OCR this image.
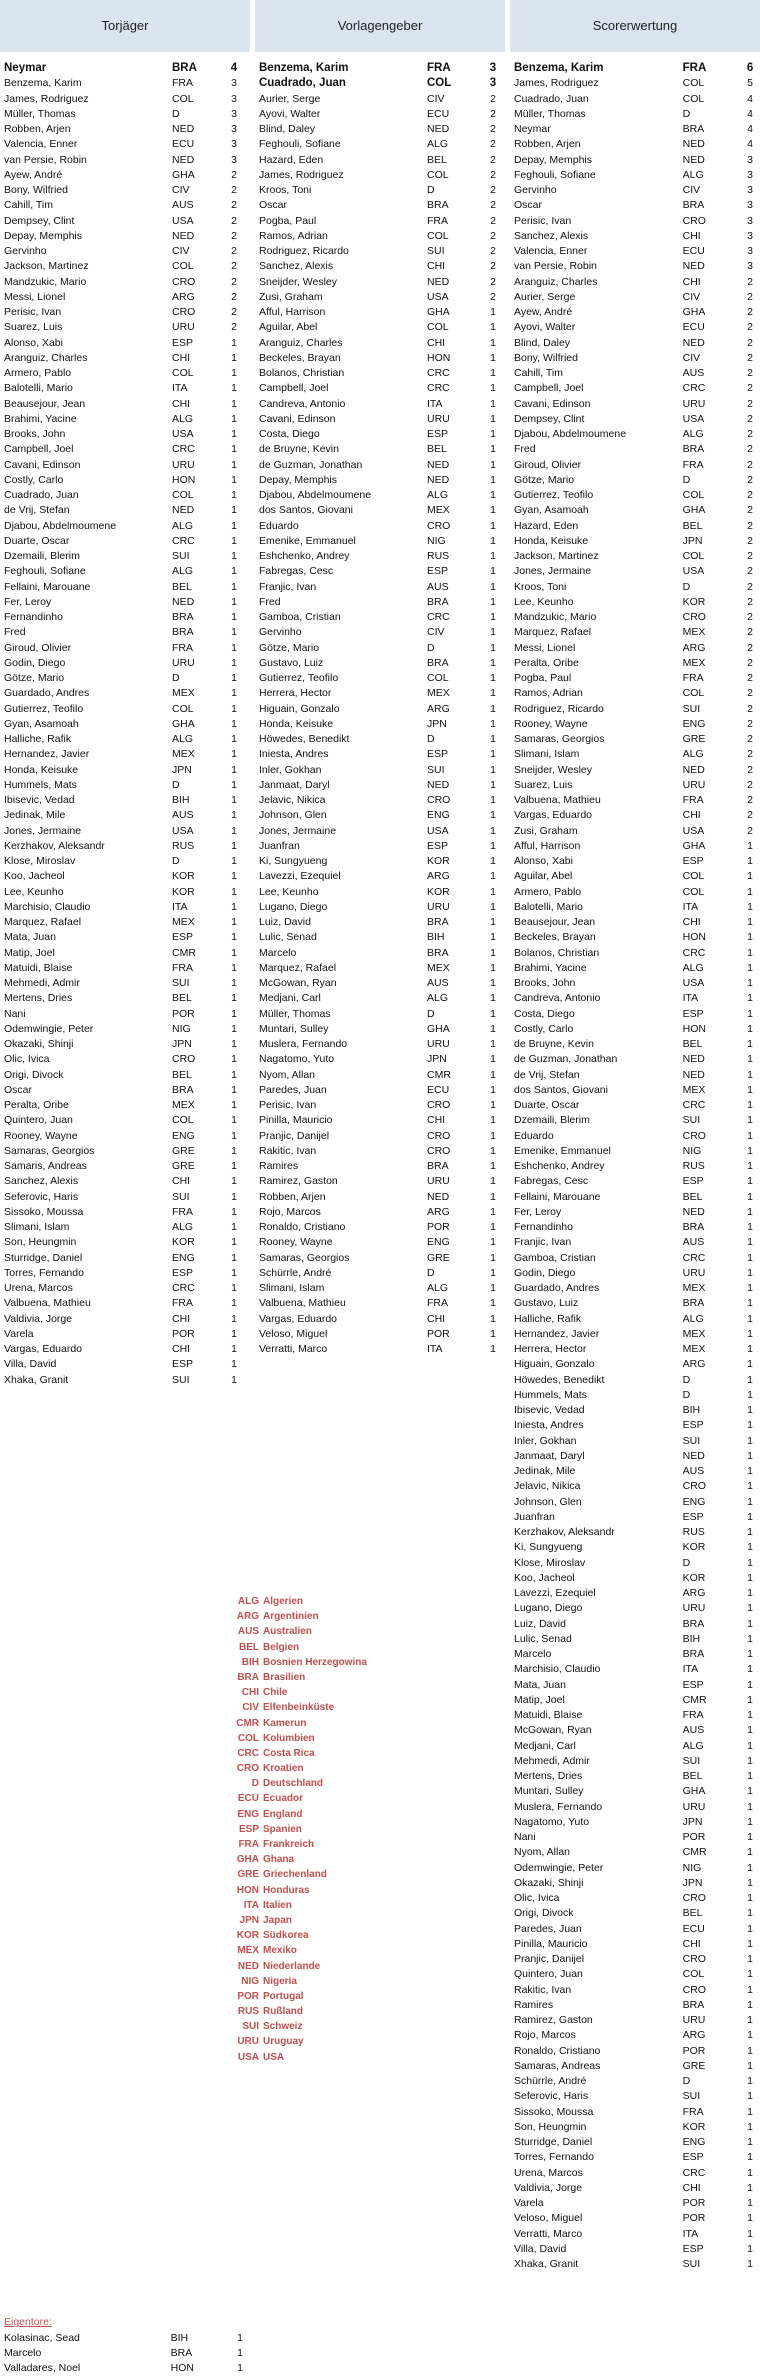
Torjäger
Neymar	BRA	4
Benzema, Karim	FRA	3
James, Rodriguez	COL	3
Müller, Thomas	D	3
Robben, Arjen	NED	3
Valencia, Enner	ECU	3
van Persie, Robin	NED	3
Ayew, André	GHA	2
Bony, Wilfried	CIV	2
Cahill, Tim	AUS	2
Dempsey, Clint	USA	2
Depay, Memphis	NED	2
Gervinho	CIV	2
Jackson, Martinez	COL	2
Mandzukic, Mario	CRO	2
Messi, Lionel	ARG	2
Perisic, Ivan	CRO	2
Suarez, Luis	URU	2
Alonso, Xabi	ESP	1
Aranguiz, Charles	CHI	1
Armero, Pablo	COL	1
Balotelli, Mario	ITA	1
Beausejour, Jean	CHI	1
Brahimi, Yacine	ALG	1
Brooks, John	USA	1
Campbell, Joel	CRC	1
Cavani, Edinson	URU	1
Costly, Carlo	HON	1
Cuadrado, Juan	COL	1
de Vrij, Stefan	NED	1
Djabou, Abdelmoumene	ALG	1
Duarte, Oscar	CRC	1
Dzemaili, Blerim	SUI	1
Feghouli, Sofiane	ALG	1
Fellaini, Marouane	BEL	1
Fer, Leroy	NED	1
Fernandinho	BRA	1
Fred	BRA	1
Giroud, Olivier	FRA	1
Godin, Diego	URU	1
Götze, Mario	D	1
Guardado, Andres	MEX	1
Gutierrez, Teofilo	COL	1
Gyan, Asamoah	GHA	1
Halliche, Rafik	ALG	1
Hernandez, Javier	MEX	1
Honda, Keisuke	JPN	1
Hummels, Mats	D	1
Ibisevic, Vedad	BIH	1
Jedinak, Mile	AUS	1
Jones, Jermaine	USA	1
Kerzhakov, Aleksandr	RUS	1
Klose, Miroslav	D	1
Koo, Jacheol	KOR	1
Lee, Keunho	KOR	1
Marchisio, Claudio	ITA	1
Marquez, Rafael	MEX	1
Mata, Juan	ESP	1
Matip, Joel	CMR	1
Matuidi, Blaise	FRA	1
Mehmedi, Admir	SUI	1
Mertens, Dries	BEL	1
Nani	POR	1
Odemwingie, Peter	NIG	1
Okazaki, Shinji	JPN	1
Olic, Ivica	CRO	1
Origi, Divock	BEL	1
Oscar	BRA	1
Peralta, Oribe	MEX	1
Quintero, Juan	COL	1
Rooney, Wayne	ENG	1
Samaras, Georgios	GRE	1
Samaris, Andreas	GRE	1
Sanchez, Alexis	CHI	1
Seferovic, Haris	SUI	1
Sissoko, Moussa	FRA	1
Slimani, Islam	ALG	1
Son, Heungmin	KOR	1
Sturridge, Daniel	ENG	1
Torres, Fernando	ESP	1
Urena, Marcos	CRC	1
Valbuena, Mathieu	FRA	1
Valdivia, Jorge	CHI	1
Varela	POR	1
Vargas, Eduardo	CHI	1
Villa, David	ESP	1
Xhaka, Granit	SUI	1
Vorlagengeber
Benzema, Karim	FRA	3
Cuadrado, Juan	COL	3
Aurier, Serge	CIV	2
Ayovi, Walter	ECU	2
Blind, Daley	NED	2
Feghouli, Sofiane	ALG	2
Hazard, Eden	BEL	2
James, Rodriguez	COL	2
Kroos, Toni	D	2
Oscar	BRA	2
Pogba, Paul	FRA	2
Ramos, Adrian	COL	2
Rodriguez, Ricardo	SUI	2
Sanchez, Alexis	CHI	2
Sneijder, Wesley	NED	2
Zusi, Graham	USA	2
Afful, Harrison	GHA	1
Aguilar, Abel	COL	1
Aranguiz, Charles	CHI	1
Beckeles, Brayan	HON	1
Bolanos, Christian	CRC	1
Campbell, Joel	CRC	1
Candreva, Antonio	ITA	1
Cavani, Edinson	URU	1
Costa, Diego	ESP	1
de Bruyne, Kevin	BEL	1
de Guzman, Jonathan	NED	1
Depay, Memphis	NED	1
Djabou, Abdelmoumene	ALG	1
dos Santos, Giovani	MEX	1
Eduardo	CRO	1
Emenike, Emmanuel	NIG	1
Eshchenko, Andrey	RUS	1
Fabregas, Cesc	ESP	1
Franjic, Ivan	AUS	1
Fred	BRA	1
Gamboa, Cristian	CRC	1
Gervinho	CIV	1
Götze, Mario	D	1
Gustavo, Luiz	BRA	1
Gutierrez, Teofilo	COL	1
Herrera, Hector	MEX	1
Higuain, Gonzalo	ARG	1
Honda, Keisuke	JPN	1
Höwedes, Benedikt	D	1
Iniesta, Andres	ESP	1
Inler, Gokhan	SUI	1
Janmaat, Daryl	NED	1
Jelavic, Nikica	CRO	1
Johnson, Glen	ENG	1
Jones, Jermaine	USA	1
Juanfran	ESP	1
Ki, Sungyueng	KOR	1
Lavezzi, Ezequiel	ARG	1
Lee, Keunho	KOR	1
Lugano, Diego	URU	1
Luiz, David	BRA	1
Lulic, Senad	BIH	1
Marcelo	BRA	1
Marquez, Rafael	MEX	1
McGowan, Ryan	AUS	1
Medjani, Carl	ALG	1
Müller, Thomas	D	1
Muntari, Sulley	GHA	1
Muslera, Fernando	URU	1
Nagatomo, Yuto	JPN	1
Nyom, Allan	CMR	1
Paredes, Juan	ECU	1
Perisic, Ivan	CRO	1
Pinilla, Mauricio	CHI	1
Pranjic, Danijel	CRO	1
Rakitic, Ivan	CRO	1
Ramires	BRA	1
Ramirez, Gaston	URU	1
Robben, Arjen	NED	1
Rojo, Marcos	ARG	1
Ronaldo, Cristiano	POR	1
Rooney, Wayne	ENG	1
Samaras, Georgios	GRE	1
Schürrle, André	D	1
Slimani, Islam	ALG	1
Valbuena, Mathieu	FRA	1
Vargas, Eduardo	CHI	1
Veloso, Miguel	POR	1
Verratti, Marco	ITA	1
Scorerwertung
Benzema, Karim	FRA	6
James, Rodriguez	COL	5
Cuadrado, Juan	COL	4
Müller, Thomas	D	4
Neymar	BRA	4
Robben, Arjen	NED	4
Depay, Memphis	NED	3
Feghouli, Sofiane	ALG	3
Gervinho	CIV	3
Oscar	BRA	3
Perisic, Ivan	CRO	3
Sanchez, Alexis	CHI	3
Valencia, Enner	ECU	3
van Persie, Robin	NED	3
Aranguiz, Charles	CHI	2
Aurier, Serge	CIV	2
Ayew, André	GHA	2
Ayovi, Walter	ECU	2
Blind, Daley	NED	2
Bony, Wilfried	CIV	2
Cahill, Tim	AUS	2
Campbell, Joel	CRC	2
Cavani, Edinson	URU	2
Dempsey, Clint	USA	2
Djabou, Abdelmoumene	ALG	2
Fred	BRA	2
Giroud, Olivier	FRA	2
Götze, Mario	D	2
Gutierrez, Teofilo	COL	2
Gyan, Asamoah	GHA	2
Hazard, Eden	BEL	2
Honda, Keisuke	JPN	2
Jackson, Martinez	COL	2
Jones, Jermaine	USA	2
Kroos, Toni	D	2
Lee, Keunho	KOR	2
Mandzukic, Mario	CRO	2
Marquez, Rafael	MEX	2
Messi, Lionel	ARG	2
Peralta, Oribe	MEX	2
Pogba, Paul	FRA	2
Ramos, Adrian	COL	2
Rodriguez, Ricardo	SUI	2
Rooney, Wayne	ENG	2
Samaras, Georgios	GRE	2
Slimani, Islam	ALG	2
Sneijder, Wesley	NED	2
Suarez, Luis	URU	2
Valbuena, Mathieu	FRA	2
Vargas, Eduardo	CHI	2
Zusi, Graham	USA	2
Afful, Harrison	GHA	1
Alonso, Xabi	ESP	1
Aguilar, Abel	COL	1
Armero, Pablo	COL	1
Balotelli, Mario	ITA	1
Beausejour, Jean	CHI	1
Beckeles, Brayan	HON	1
Bolanos, Christian	CRC	1
Brahimi, Yacine	ALG	1
Brooks, John	USA	1
Candreva, Antonio	ITA	1
Costa, Diego	ESP	1
Costly, Carlo	HON	1
de Bruyne, Kevin	BEL	1
de Guzman, Jonathan	NED	1
de Vrij, Stefan	NED	1
dos Santos, Giovani	MEX	1
Duarte, Oscar	CRC	1
Dzemaili, Blerim	SUI	1
Eduardo	CRO	1
Emenike, Emmanuel	NIG	1
Eshchenko, Andrey	RUS	1
Fabregas, Cesc	ESP	1
Fellaini, Marouane	BEL	1
Fer, Leroy	NED	1
Fernandinho	BRA	1
Franjic, Ivan	AUS	1
Gamboa, Cristian	CRC	1
Godin, Diego	URU	1
Guardado, Andres	MEX	1
Gustavo, Luiz	BRA	1
Halliche, Rafik	ALG	1
Hernandez, Javier	MEX	1
Herrera, Hector	MEX	1
Higuain, Gonzalo	ARG	1
Höwedes, Benedikt	D	1
Hummels, Mats	D	1
Ibisevic, Vedad	BIH	1
Iniesta, Andres	ESP	1
Inler, Gokhan	SUI	1
Janmaat, Daryl	NED	1
Jedinak, Mile	AUS	1
Jelavic, Nikica	CRO	1
Johnson, Glen	ENG	1
Juanfran	ESP	1
Kerzhakov, Aleksandr	RUS	1
Ki, Sungyueng	KOR	1
Klose, Miroslav	D	1
Koo, Jacheol	KOR	1
Lavezzi, Ezequiel	ARG	1
Lugano, Diego	URU	1
Luiz, David	BRA	1
Lulic, Senad	BIH	1
Marcelo	BRA	1
Marchisio, Claudio	ITA	1
Mata, Juan	ESP	1
Matip, Joel	CMR	1
Matuidi, Blaise	FRA	1
McGowan, Ryan	AUS	1
Medjani, Carl	ALG	1
Mehmedi, Admir	SUI	1
Mertens, Dries	BEL	1
Muntari, Sulley	GHA	1
Muslera, Fernando	URU	1
Nagatomo, Yuto	JPN	1
Nani	POR	1
Nyom, Allan	CMR	1
Odemwingie, Peter	NIG	1
Okazaki, Shinji	JPN	1
Olic, Ivica	CRO	1
Origi, Divock	BEL	1
Paredes, Juan	ECU	1
Pinilla, Mauricio	CHI	1
Pranjic, Danijel	CRO	1
Quintero, Juan	COL	1
Rakitic, Ivan	CRO	1
Ramires	BRA	1
Ramirez, Gaston	URU	1
Rojo, Marcos	ARG	1
Ronaldo, Cristiano	POR	1
Samaras, Andreas	GRE	1
Schürrle, André	D	1
Seferovic, Haris	SUI	1
Sissoko, Moussa	FRA	1
Son, Heungmin	KOR	1
Sturridge, Daniel	ENG	1
Torres, Fernando	ESP	1
Urena, Marcos	CRC	1
Valdivia, Jorge	CHI	1
Varela	POR	1
Veloso, Miguel	POR	1
Verratti, Marco	ITA	1
Villa, David	ESP	1
Xhaka, Granit	SUI	1
ALG Algerien
ARG Argentinien
AUS Australien
BEL Belgien
BIH Bosnien Herzegowina
BRA Brasilien
CHI Chile
CIV Elfenbeinküste
CMR Kamerun
COL Kolumbien
CRC Costa Rica
CRO Kroatien
D Deutschland
ECU Ecuador
ENG England
ESP Spanien
FRA Frankreich
GHA Ghana
GRE Griechenland
HON Honduras
ITA Italien
JPN Japan
KOR Südkorea
MEX Mexiko
NED Niederlande
NIG Nigeria
POR Portugal
RUS Rußland
SUI Schweiz
URU Uruguay
USA USA
Eigentore:
Kolasinac, Sead	BIH	1
Marcelo	BRA	1
Valladares, Noel	HON	1
